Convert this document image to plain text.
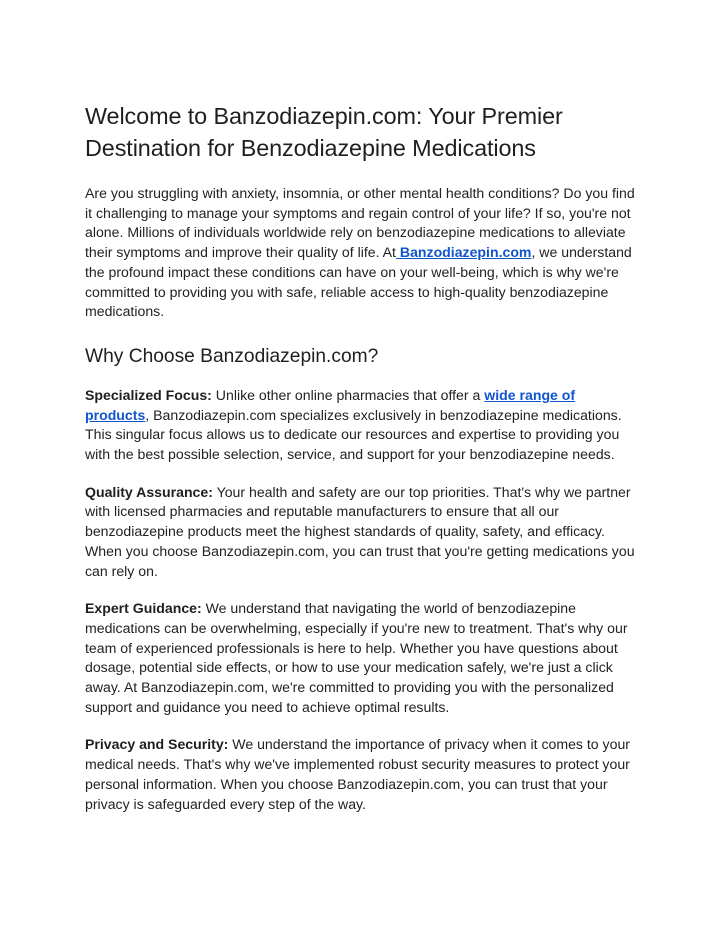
Welcome to Banzodiazepin.com: Your Premier Destination for Benzodiazepine Medications

Are you struggling with anxiety, insomnia, or other mental health conditions? Do you find it challenging to manage your symptoms and regain control of your life? If so, you're not alone. Millions of individuals worldwide rely on benzodiazepine medications to alleviate their symptoms and improve their quality of life. At Banzodiazepin.com, we understand the profound impact these conditions can have on your well-being, which is why we're committed to providing you with safe, reliable access to high-quality benzodiazepine medications.

Why Choose Banzodiazepin.com?

Specialized Focus: Unlike other online pharmacies that offer a wide range of products, Banzodiazepin.com specializes exclusively in benzodiazepine medications. This singular focus allows us to dedicate our resources and expertise to providing you with the best possible selection, service, and support for your benzodiazepine needs.

Quality Assurance: Your health and safety are our top priorities. That's why we partner with licensed pharmacies and reputable manufacturers to ensure that all our benzodiazepine products meet the highest standards of quality, safety, and efficacy. When you choose Banzodiazepin.com, you can trust that you're getting medications you can rely on.

Expert Guidance: We understand that navigating the world of benzodiazepine medications can be overwhelming, especially if you're new to treatment. That's why our team of experienced professionals is here to help. Whether you have questions about dosage, potential side effects, or how to use your medication safely, we're just a click away. At Banzodiazepin.com, we're committed to providing you with the personalized support and guidance you need to achieve optimal results.

Privacy and Security: We understand the importance of privacy when it comes to your medical needs. That's why we've implemented robust security measures to protect your personal information. When you choose Banzodiazepin.com, you can trust that your privacy is safeguarded every step of the way.
